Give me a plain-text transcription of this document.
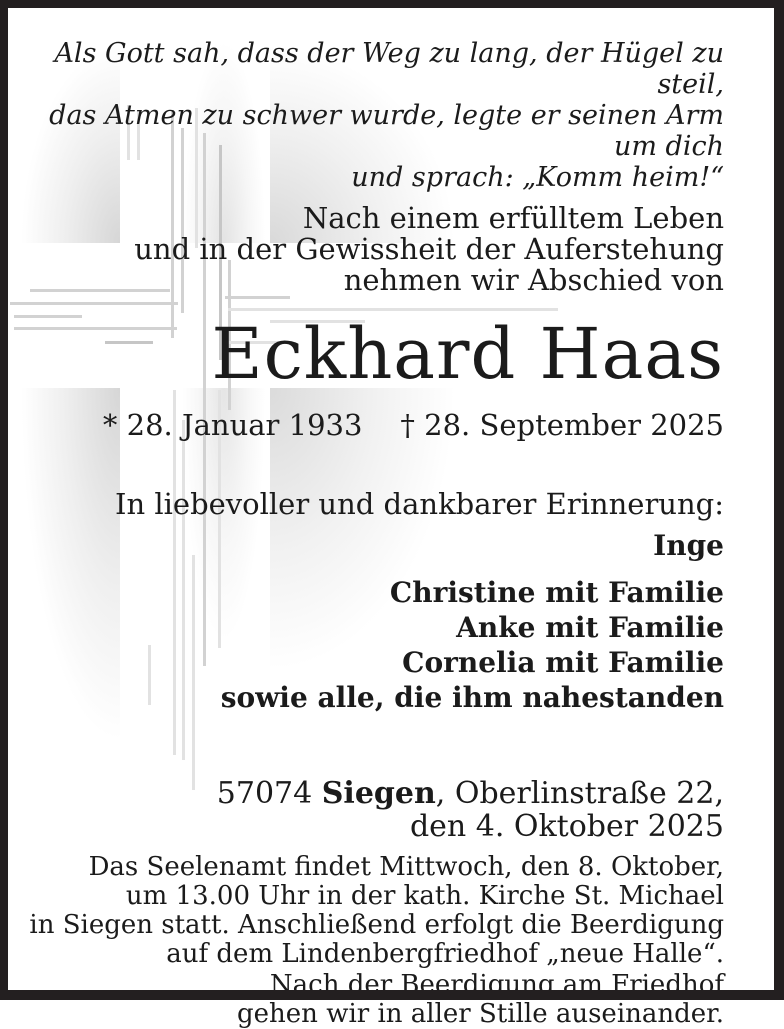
Als Gott sah, dass der Weg zu lang, der Hügel zu steil,
das Atmen zu schwer wurde, legte er seinen Arm um dich
und sprach: „Komm heim!“
Nach einem erfülltem Leben
und in der Gewissheit der Auferstehung
nehmen wir Abschied von
Eckhard Haas
* 28. Januar 1933 † 28. September 2025
In liebevoller und dankbarer Erinnerung:
Inge
Christine mit Familie
Anke mit Familie
Cornelia mit Familie
sowie alle, die ihm nahestanden
57074 Siegen, Oberlinstraße 22,
den 4. Oktober 2025
Das Seelenamt findet Mittwoch, den 8. Oktober,
um 13.00 Uhr in der kath. Kirche St. Michael
in Siegen statt. Anschließend erfolgt die Beerdigung
auf dem Lindenbergfriedhof „neue Halle“.
Nach der Beerdigung am Friedhof
gehen wir in aller Stille auseinander.
